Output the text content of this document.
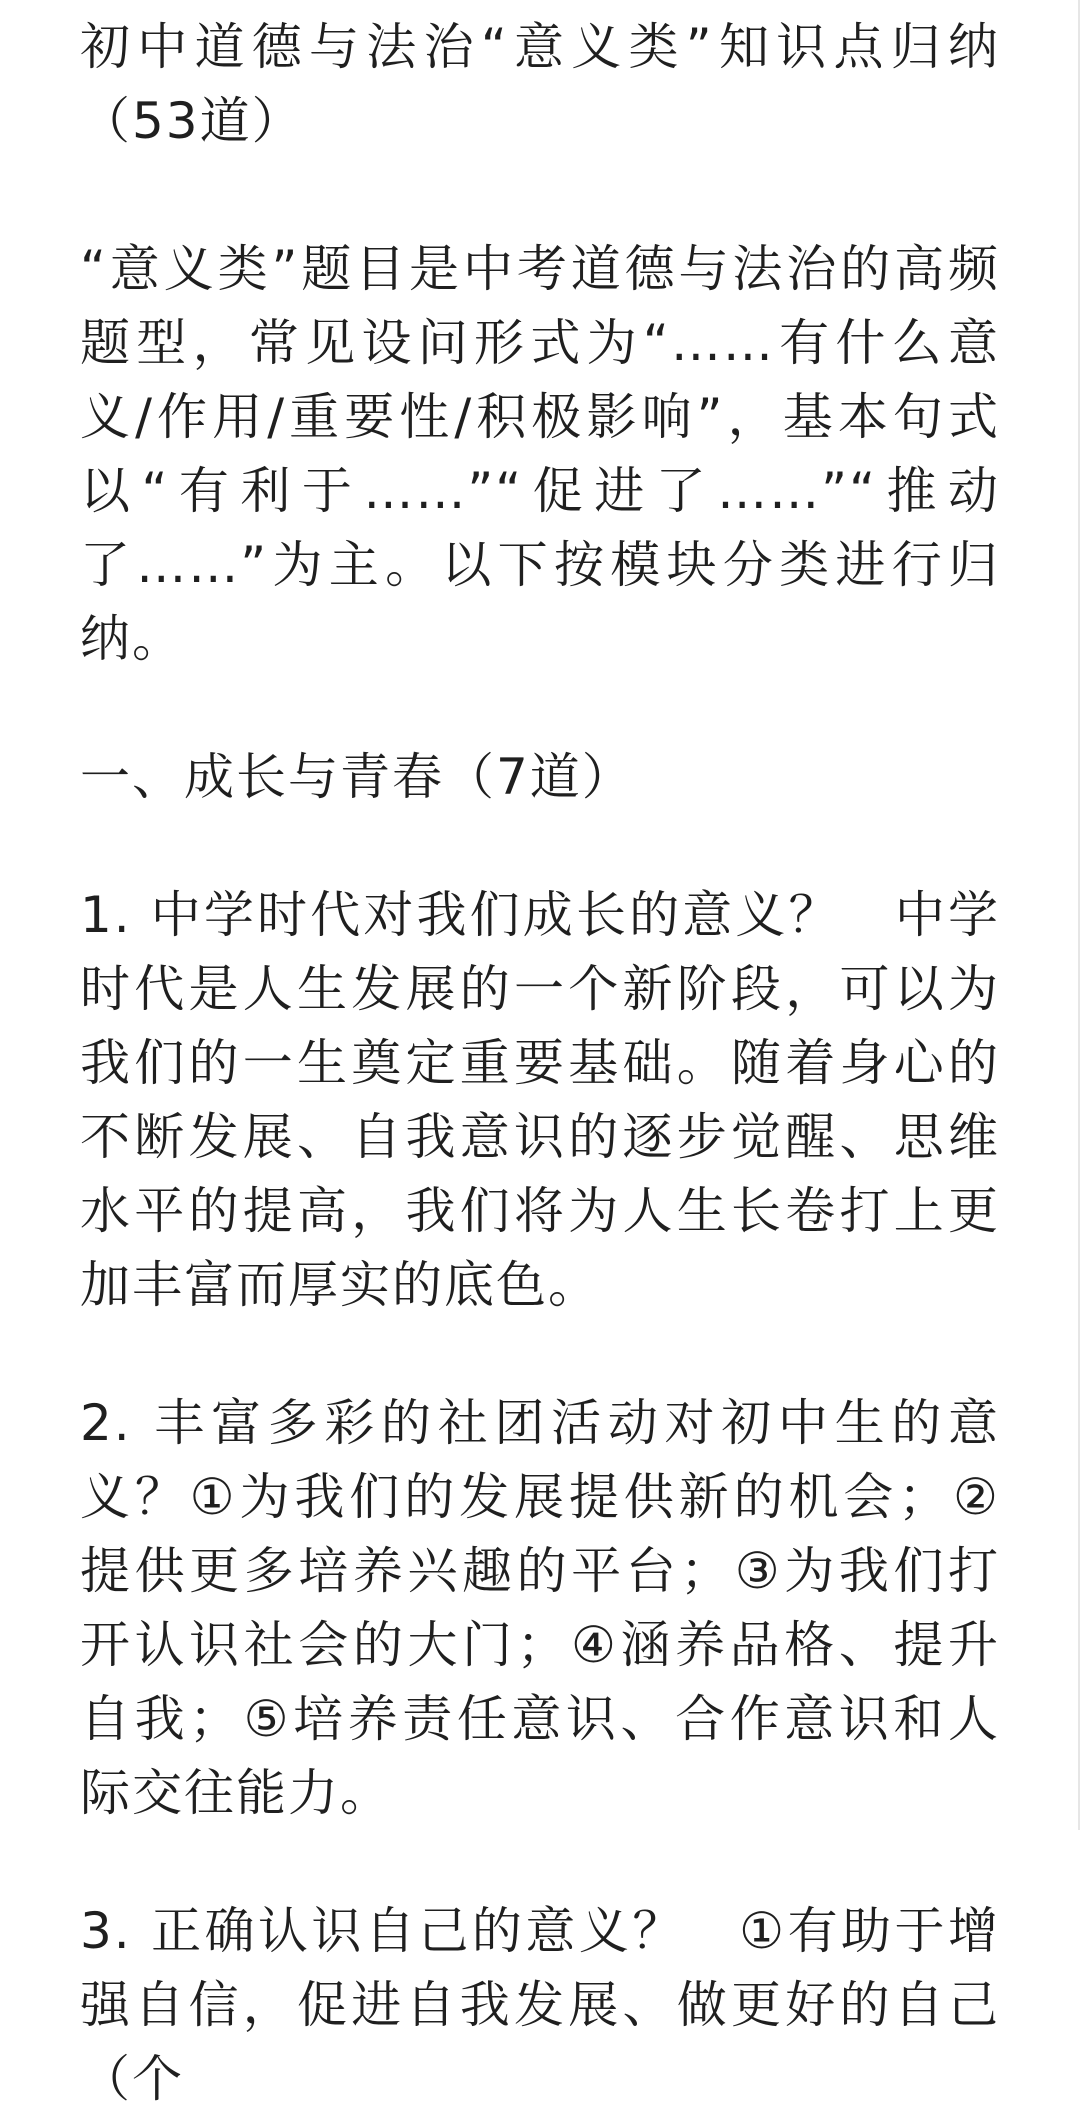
初中道德与法治“意义类”知识点归纳（53道）

“意义类”题目是中考道德与法治的高频题型，常见设问形式为“……有什么意义/作用/重要性/积极影响”，基本句式以“有利于……”“促进了……”“推动了……”为主。以下按模块分类进行归纳。

一、成长与青春（7道）

1. 中学时代对我们成长的意义？　中学时代是人生发展的一个新阶段，可以为我们的一生奠定重要基础。随着身心的不断发展、自我意识的逐步觉醒、思维水平的提高，我们将为人生长卷打上更加丰富而厚实的底色。

2. 丰富多彩的社团活动对初中生的意义？①为我们的发展提供新的机会；②提供更多培养兴趣的平台；③为我们打开认识社会的大门；④涵养品格、提升自我；⑤培养责任意识、合作意识和人际交往能力。

3. 正确认识自己的意义？　①有助于增强自信，促进自我发展、做更好的自己（个
